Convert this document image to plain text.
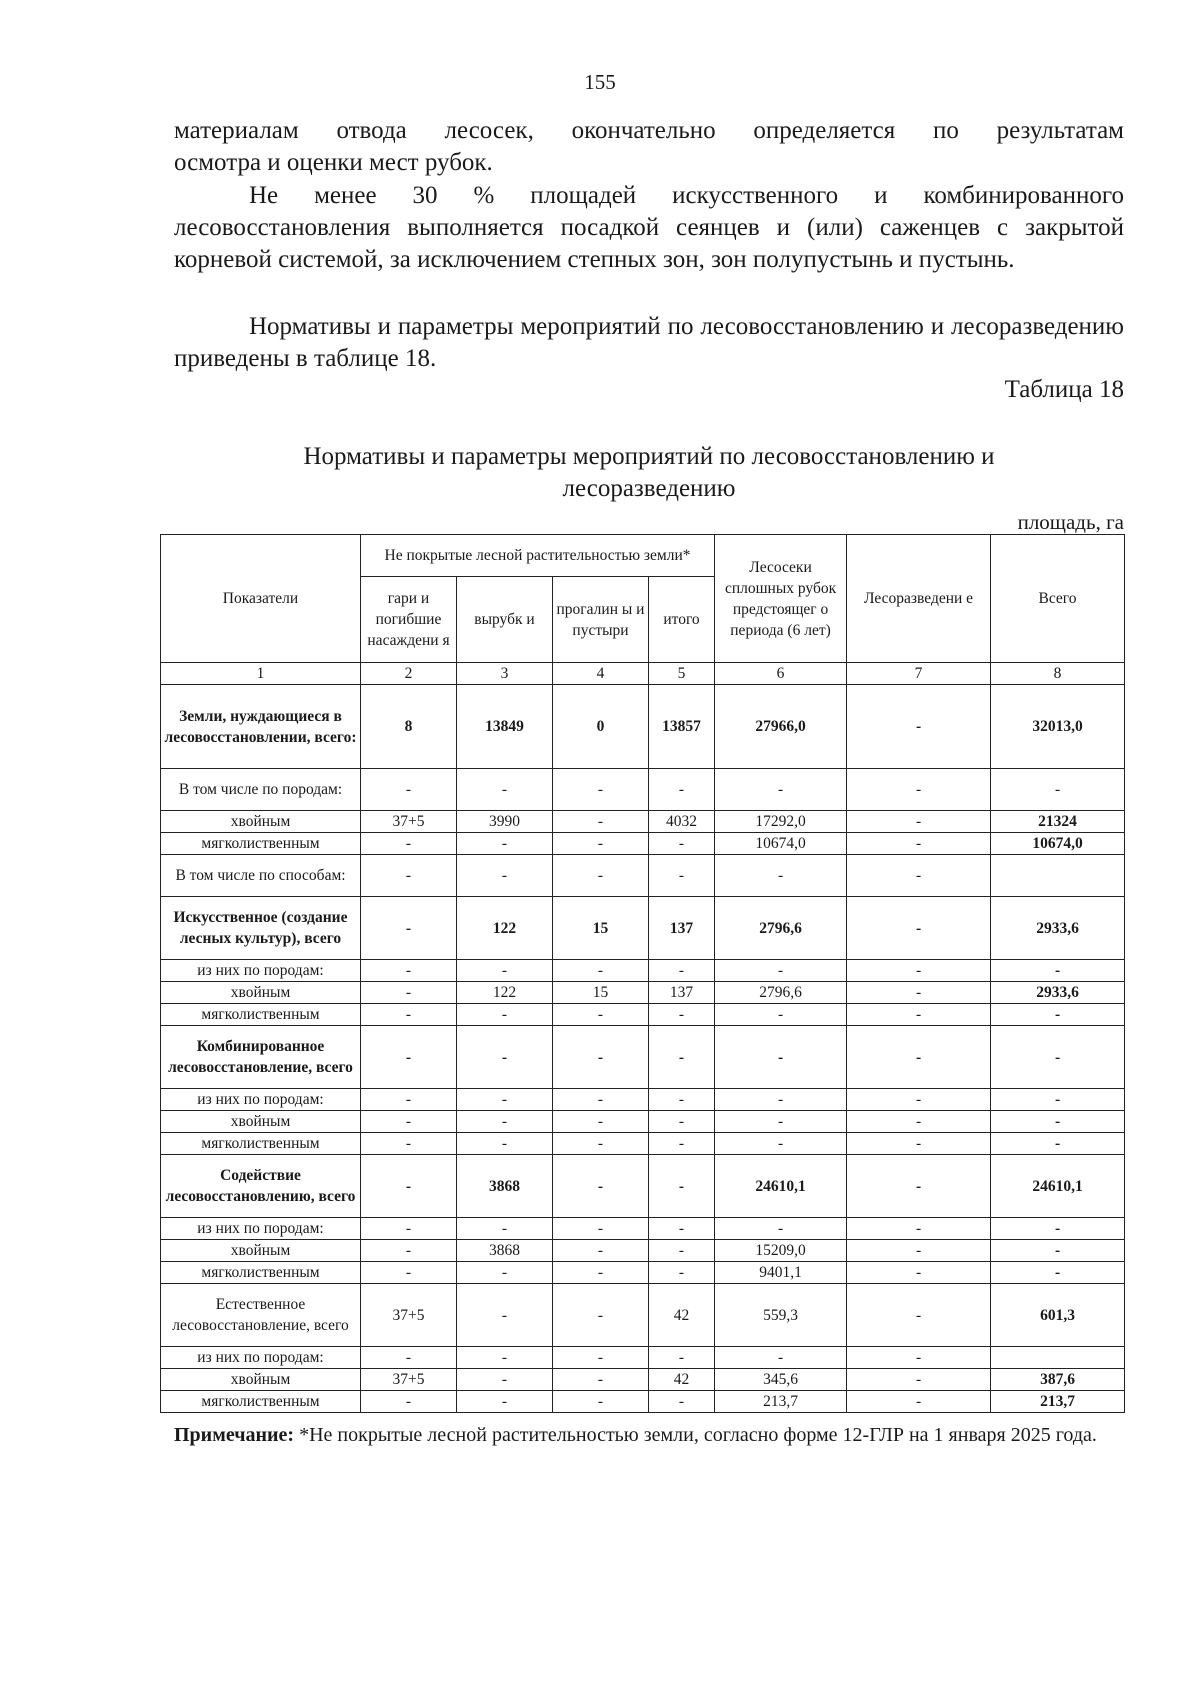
155
материалам отвода лесосек, окончательно определяется по результатам
осмотра и оценки мест рубок.
Не менее 30 % площадей искусственного и комбинированного лесовосстановления выполняется посадкой сеянцев и (или) саженцев с закрытой корневой системой, за исключением степных зон, зон полупустынь и пустынь.
Нормативы и параметры мероприятий по лесовосстановлению и лесоразведению приведены в таблице 18.
Таблица 18
Нормативы и параметры мероприятий по лесовосстановлению и
лесоразведению
площадь, га
Показатели	Не покрытые лесной растительностью земли*				Лесосеки сплошных рубок предстоящег о периода (6 лет)	Лесоразведени е	Всего
	гари и погибшие насаждени я	вырубк и	прогалин ы и пустыри	итого			
1	2	3	4	5	6	7	8
Земли, нуждающиеся в лесовосстановлении, всего:	8	13849	0	13857	27966,0	-	32013,0
В том числе по породам:	-	-	-	-	-	-	-
хвойным	37+5	3990	-	4032	17292,0	-	21324
мягколиственным	-	-	-	-	10674,0	-	10674,0
В том числе по способам:	-	-	-	-	-	-	
Искусственное (создание лесных культур), всего	-	122	15	137	2796,6	-	2933,6
из них по породам:	-	-	-	-	-	-	-
хвойным	-	122	15	137	2796,6	-	2933,6
мягколиственным	-	-	-	-	-	-	-
Комбинированное лесовосстановление, всего	-	-	-	-	-	-	-
из них по породам:	-	-	-	-	-	-	-
хвойным	-	-	-	-	-	-	-
мягколиственным	-	-	-	-	-	-	-
Содействие лесовосстановлению, всего	-	3868	-	-	24610,1	-	24610,1
из них по породам:	-	-	-	-	-	-	-
хвойным	-	3868	-	-	15209,0	-	-
мягколиственным	-	-	-	-	9401,1	-	-
Естественное лесовосстановление, всего	37+5	-	-	42	559,3	-	601,3
из них по породам:	-	-	-	-	-	-	
хвойным	37+5	-	-	42	345,6	-	387,6
мягколиственным	-	-	-	-	213,7	-	213,7
Примечание: *Не покрытые лесной растительностью земли, согласно форме 12-ГЛР на 1 января 2025 года.
